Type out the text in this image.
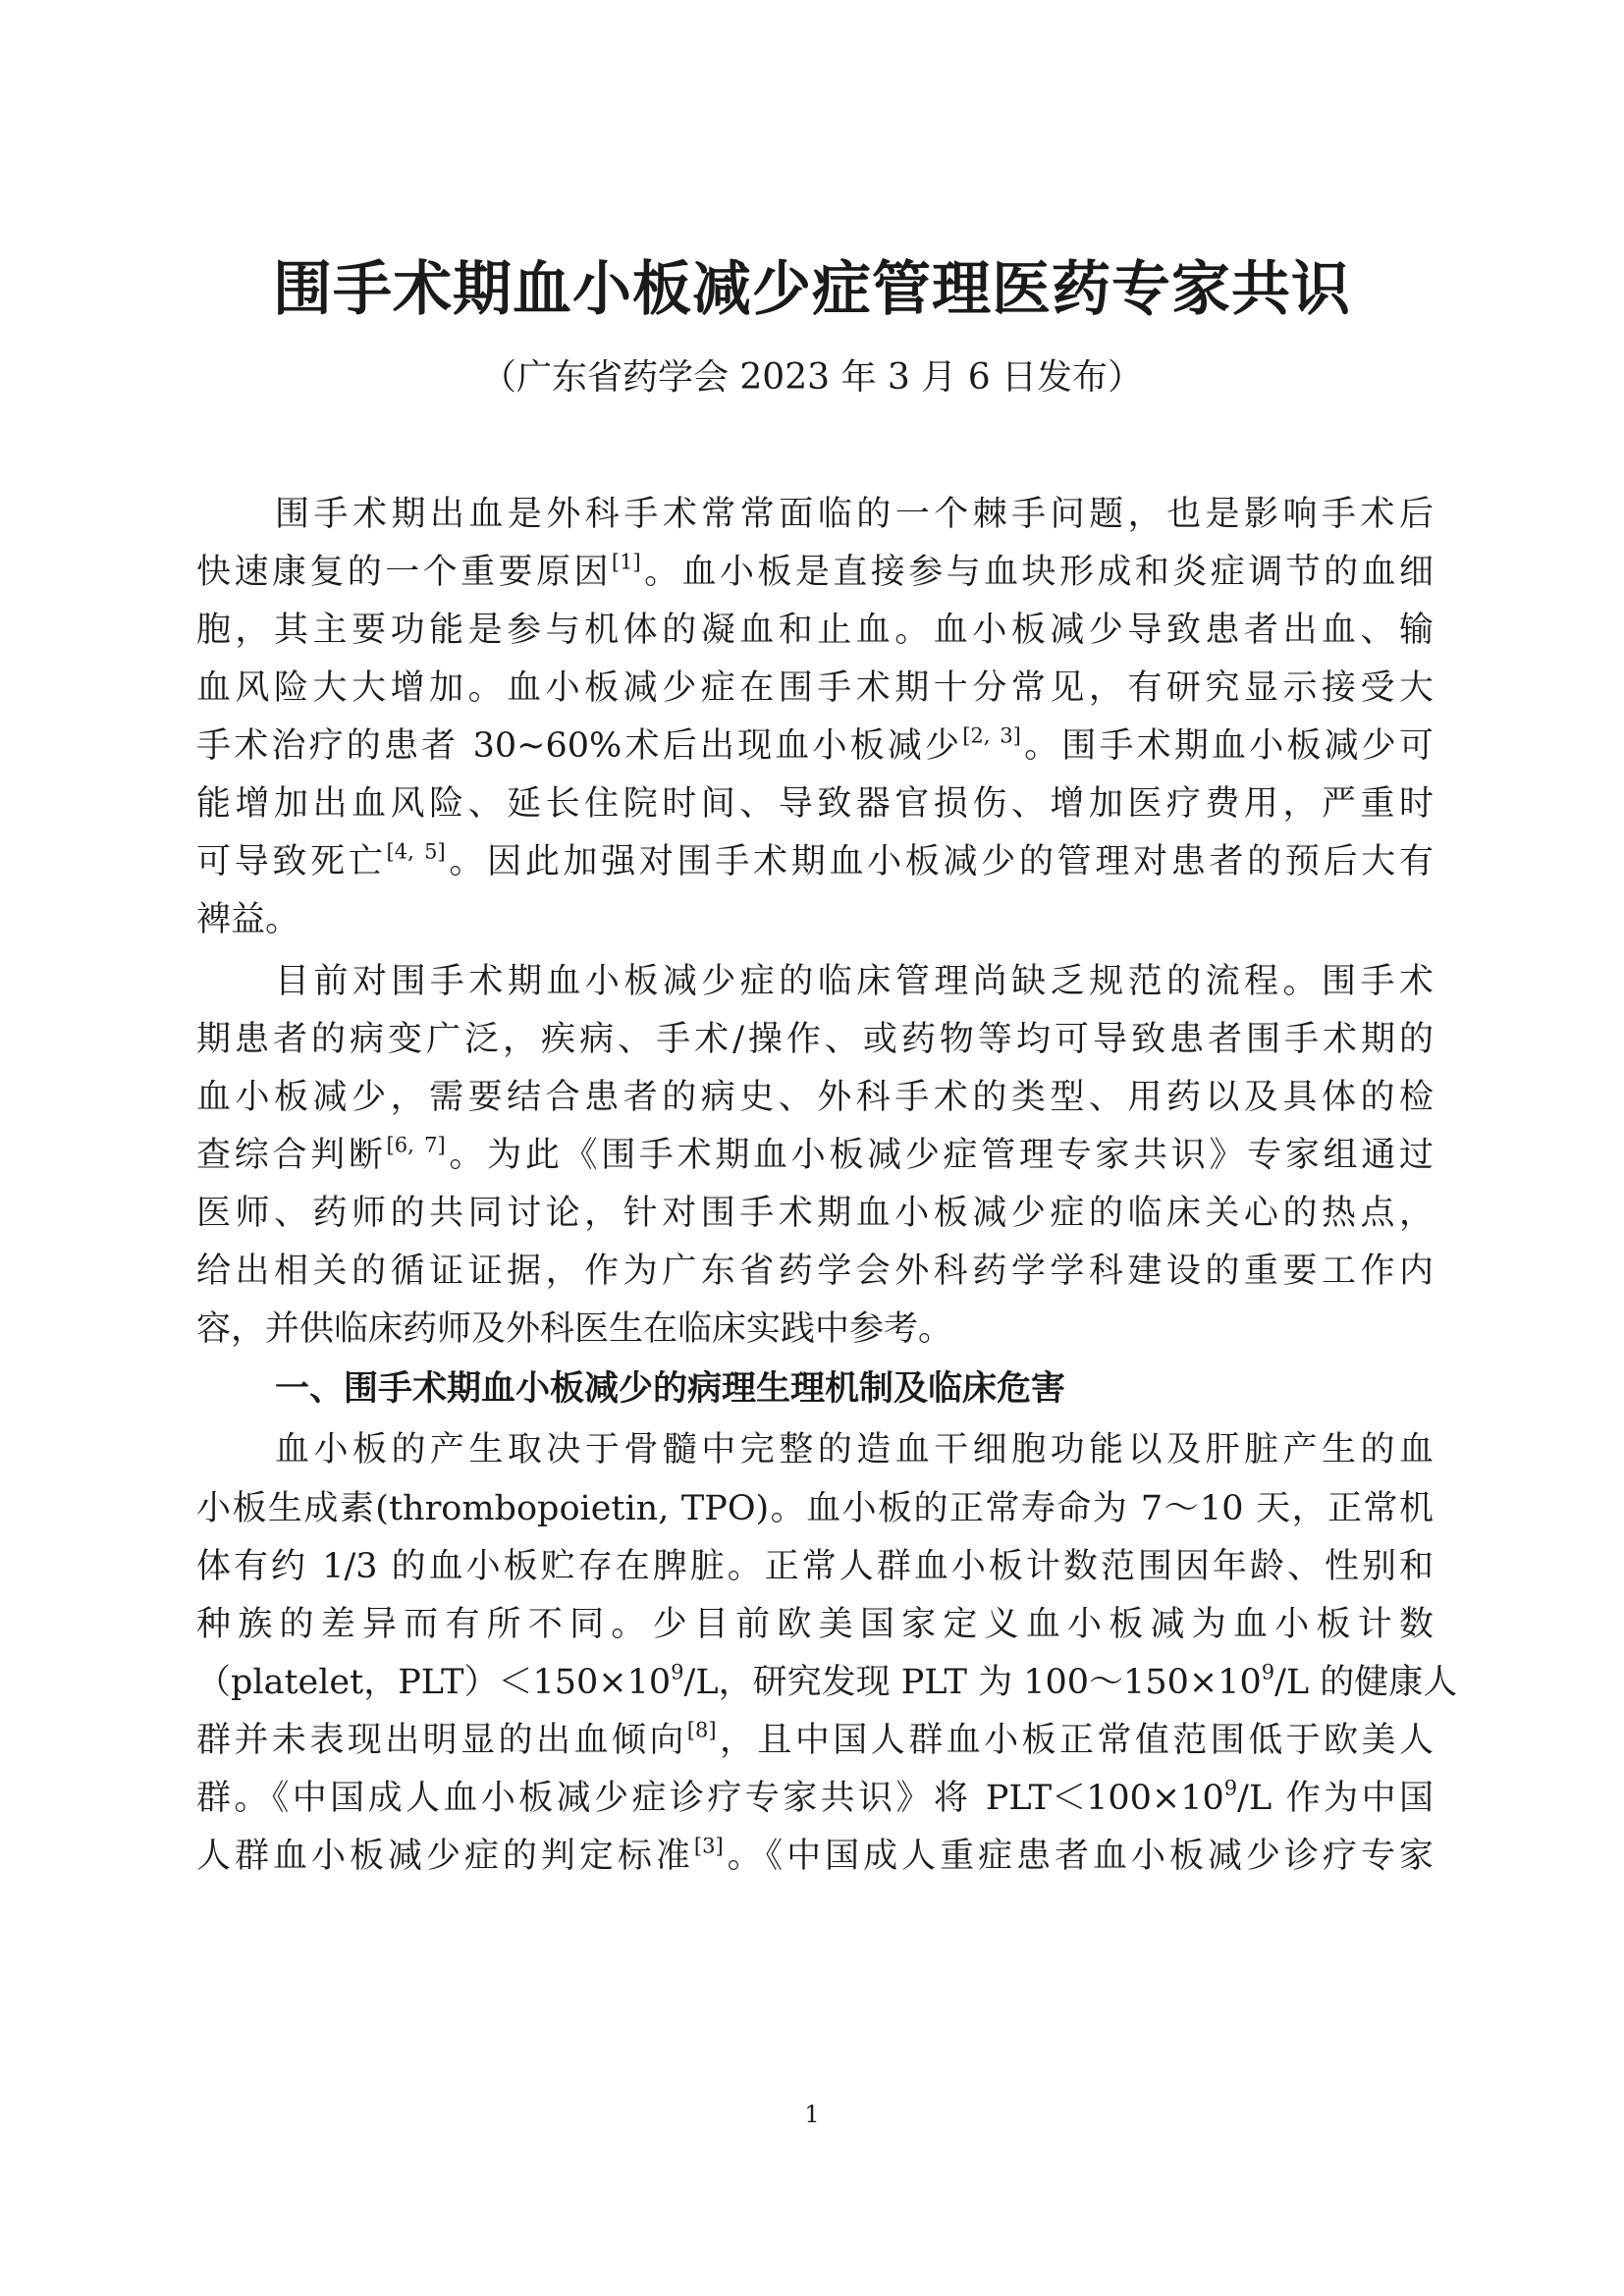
围手术期血小板减少症管理医药专家共识
（广东省药学会 2023 年 3 月 6 日发布）
围手术期出血是外科手术常常面临的一个棘手问题，也是影响手术后
快速康复的一个重要原因[1]。血小板是直接参与血块形成和炎症调节的血细
胞，其主要功能是参与机体的凝血和止血。血小板减少导致患者出血、输
血风险大大增加。血小板减少症在围手术期十分常见，有研究显示接受大
手术治疗的患者 30~60%术后出现血小板减少[2, 3]。围手术期血小板减少可
能增加出血风险、延长住院时间、导致器官损伤、增加医疗费用，严重时
可导致死亡[4, 5]。因此加强对围手术期血小板减少的管理对患者的预后大有
裨益。
目前对围手术期血小板减少症的临床管理尚缺乏规范的流程。围手术
期患者的病变广泛，疾病、手术/操作、或药物等均可导致患者围手术期的
血小板减少，需要结合患者的病史、外科手术的类型、用药以及具体的检
查综合判断[6, 7]。为此《围手术期血小板减少症管理专家共识》专家组通过
医师、药师的共同讨论，针对围手术期血小板减少症的临床关心的热点，
给出相关的循证证据，作为广东省药学会外科药学学科建设的重要工作内
容，并供临床药师及外科医生在临床实践中参考。
一、围手术期血小板减少的病理生理机制及临床危害
血小板的产生取决于骨髓中完整的造血干细胞功能以及肝脏产生的血
小板生成素(thrombopoietin, TPO)。血小板的正常寿命为 7～10 天，正常机
体有约 1/3 的血小板贮存在脾脏。正常人群血小板计数范围因年龄、性别和
种族的差异而有所不同。少目前欧美国家定义血小板减为血小板计数
（platelet，$PLT)<150\times 10^9/L$，研究发现 PLT 为 $100\sim 150\times 10^9/L$ 的健康人
群并未表现出明显的出血倾向[8]，且中国人群血小板正常值范围低于欧美人
群。《中国成人血小板减少症诊疗专家共识》将 $PLT<100\times 10^9/L$ 作为中国
人群血小板减少症的判定标准[3]。《中国成人重症患者血小板减少诊疗专家
1
